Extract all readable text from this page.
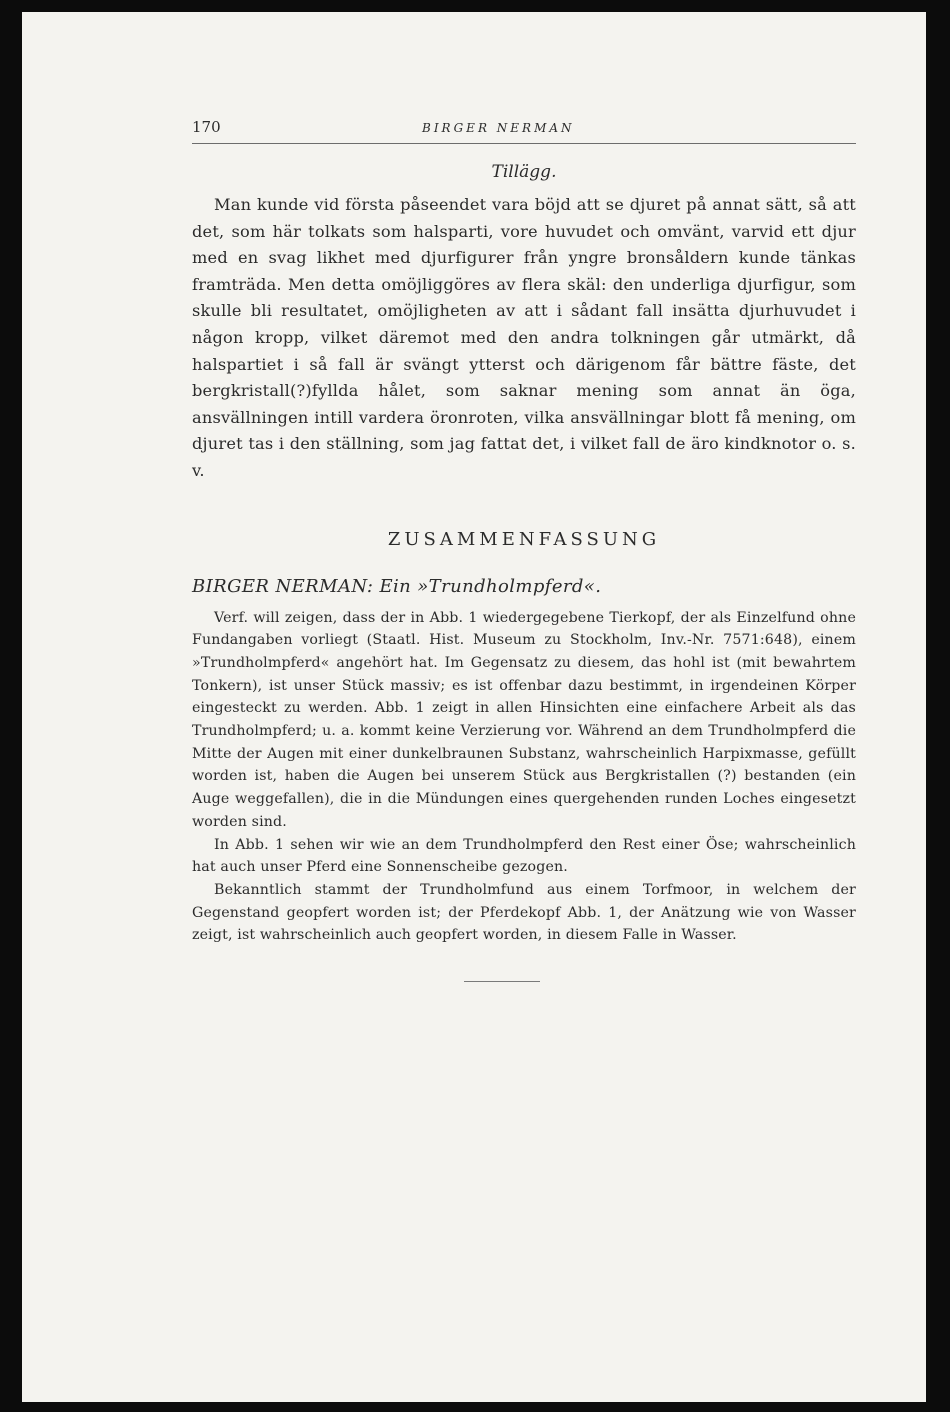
170	BIRGER NERMAN
Tillägg.

Man kunde vid första påseendet vara böjd att se djuret på annat sätt, så att det, som här tolkats som halsparti, vore huvudet och omvänt, varvid ett djur med en svag likhet med djurfigurer från yngre bronsåldern kunde tänkas framträda. Men detta omöjliggöres av flera skäl: den underliga djurfigur, som skulle bli resultatet, omöjligheten av att i sådant fall insätta djurhuvudet i någon kropp, vilket däremot med den andra tolkningen går utmärkt, då halspartiet i så fall är svängt ytterst och därigenom får bättre fäste, det bergkristall(?)fyllda hålet, som saknar mening som annat än öga, ansvällningen intill vardera öronroten, vilka ansvällningar blott få mening, om djuret tas i den ställning, som jag fattat det, i vilket fall de äro kindknotor o. s. v.

ZUSAMMENFASSUNG
BIRGER NERMAN: Ein »Trundholmpferd«.

Verf. will zeigen, dass der in Abb. 1 wiedergegebene Tierkopf, der als Einzelfund ohne Fundangaben vorliegt (Staatl. Hist. Museum zu Stockholm, Inv.-Nr. 7571:648), einem »Trundholmpferd« angehört hat. Im Gegensatz zu diesem, das hohl ist (mit bewahrtem Tonkern), ist unser Stück massiv; es ist offenbar dazu bestimmt, in irgendeinen Körper eingesteckt zu werden. Abb. 1 zeigt in allen Hinsichten eine einfachere Arbeit als das Trundholmpferd; u. a. kommt keine Verzierung vor. Während an dem Trundholmpferd die Mitte der Augen mit einer dunkelbraunen Substanz, wahrscheinlich Harpixmasse, gefüllt worden ist, haben die Augen bei unserem Stück aus Bergkristallen (?) bestanden (ein Auge weggefallen), die in die Mündungen eines quergehenden runden Loches eingesetzt worden sind.

In Abb. 1 sehen wir wie an dem Trundholmpferd den Rest einer Öse; wahrscheinlich hat auch unser Pferd eine Sonnenscheibe gezogen.

Bekanntlich stammt der Trundholmfund aus einem Torfmoor, in welchem der Gegenstand geopfert worden ist; der Pferdekopf Abb. 1, der Anätzung wie von Wasser zeigt, ist wahrscheinlich auch geopfert worden, in diesem Falle in Wasser.
